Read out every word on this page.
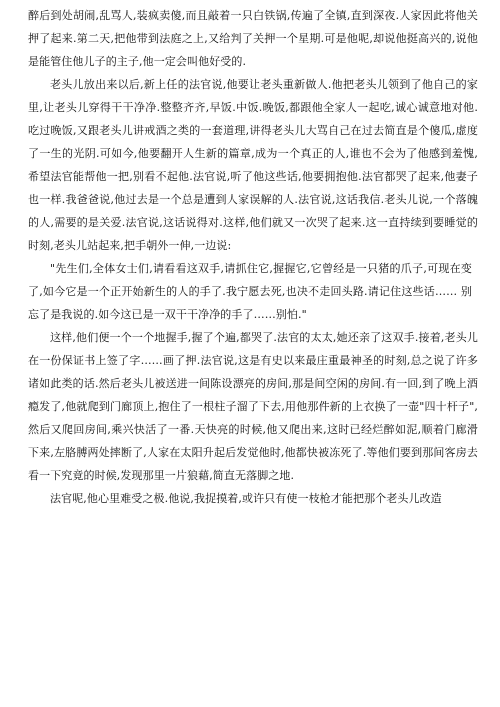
醉后到处胡闹,乱骂人,装疯卖傻,而且敲着一只白铁锅,传遍了全镇,直到深夜.人家因此将他关押了起来.第二天,把他带到法庭之上,又给判了关押一个星期.可是他呢,却说他挺高兴的,说他是能管住他儿子的主子,他一定会叫他好受的.

老头儿放出来以后,新上任的法官说,他要让老头重新做人.他把老头儿领到了他自己的家里,让老头儿穿得干干净净.整整齐齐,早饭.中饭.晚饭,都跟他全家人一起吃,诚心诚意地对他.吃过晚饭,又跟老头儿讲戒酒之类的一套道理,讲得老头儿大骂自己在过去简直是个傻瓜,虚度了一生的光阴.可如今,他要翻开人生新的篇章,成为一个真正的人,谁也不会为了他感到羞愧,希望法官能帮他一把,别看不起他.法官说,听了他这些话,他要拥抱他.法官都哭了起来,他妻子也一样.我爸爸说,他过去是一个总是遭到人家误解的人.法官说,这话我信.老头儿说,一个落魄的人,需要的是关爱.法官说,这话说得对.这样,他们就又一次哭了起来.这一直持续到要睡觉的时刻,老头儿站起来,把手朝外一伸,一边说:

"先生们,全体女士们,请看看这双手,请抓住它,握握它,它曾经是一只猪的爪子,可现在变了,如今它是一个正开始新生的人的手了.我宁愿去死,也决不走回头路.请记住这些话…… 别忘了是我说的.如今这已是一双干干净净的手了……别怕."

这样,他们便一个一个地握手,握了个遍,都哭了.法官的太太,她还亲了这双手.接着,老头儿在一份保证书上签了字……画了押.法官说,这是有史以来最庄重最神圣的时刻,总之说了许多诸如此类的话.然后老头儿被送进一间陈设漂亮的房间,那是间空闲的房间.有一回,到了晚上酒瘾发了,他就爬到门廊顶上,抱住了一根柱子溜了下去,用他那件新的上衣换了一壶"四十杆子",然后又爬回房间,乘兴快活了一番.天快亮的时候,他又爬出来,这时已经烂醉如泥,顺着门廊滑下来,左胳膊两处摔断了,人家在太阳升起后发觉他时,他都快被冻死了.等他们要到那间客房去看一下究竟的时候,发现那里一片狼藉,简直无落脚之地.

法官呢,他心里难受之极.他说,我捉摸着,或许只有使一枝枪才能把那个老头儿改造
